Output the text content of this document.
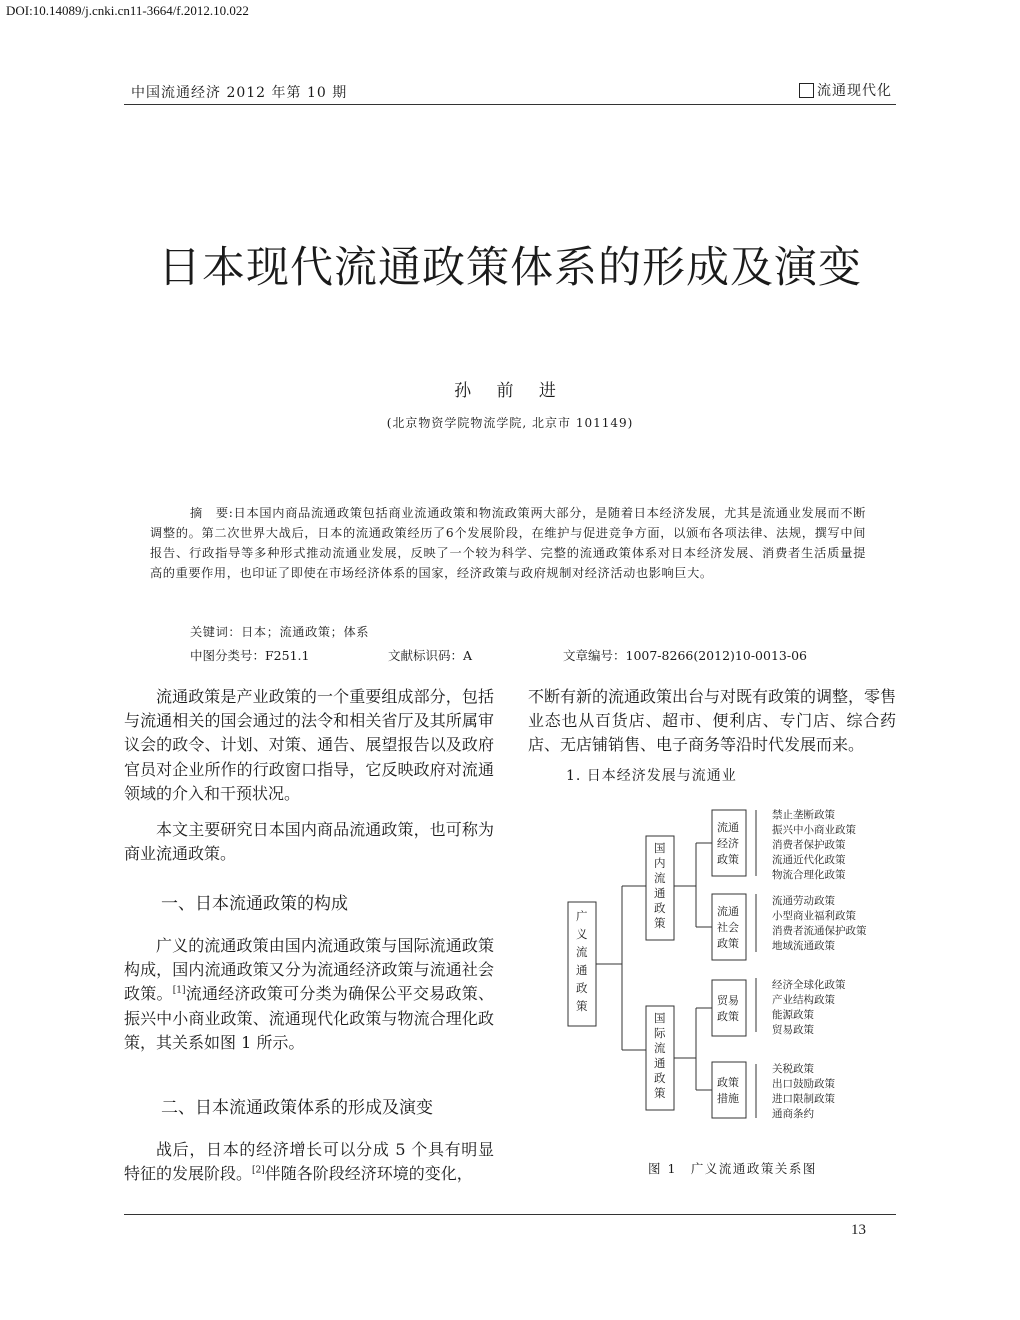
DOI:10.14089/j.cnki.cn11-3664/f.2012.10.022
中国流通经济 2012 年第 10 期	流通现代化
日本现代流通政策体系的形成及演变
孙 前 进
(北京物资学院物流学院, 北京市 101149)
摘　要:日本国内商品流通政策包括商业流通政策和物流政策两大部分，是随着日本经济发展，尤其是流通业发展而不断调整的。第二次世界大战后，日本的流通政策经历了6个发展阶段，在维护与促进竞争方面，以颁布各项法律、法规，撰写中间报告、行政指导等多种形式推动流通业发展，反映了一个较为科学、完整的流通政策体系对日本经济发展、消费者生活质量提高的重要作用，也印证了即使在市场经济体系的国家，经济政策与政府规制对经济活动也影响巨大。
关键词：日本；流通政策；体系
中图分类号：F251.1	文献标识码：A	文章编号：1007-8266(2012)10-0013-06

流通政策是产业政策的一个重要组成部分，包括与流通相关的国会通过的法令和相关省厅及其所属审议会的政令、计划、对策、通告、展望报告以及政府官员对企业所作的行政窗口指导，它反映政府对流通领域的介入和干预状况。

本文主要研究日本国内商品流通政策，也可称为商业流通政策。

一、日本流通政策的构成

广义的流通政策由国内流通政策与国际流通政策构成，国内流通政策又分为流通经济政策与流通社会政策。[1]流通经济政策可分类为确保公平交易政策、振兴中小商业政策、流通现代化政策与物流合理化政策，其关系如图 1 所示。

二、日本流通政策体系的形成及演变

战后，日本的经济增长可以分成 5 个具有明显特征的发展阶段。[2]伴随各阶段经济环境的变化，

不断有新的流通政策出台与对既有政策的调整，零售业态也从百货店、超市、便利店、专门店、综合药店、无店铺销售、电子商务等沿时代发展而来。

1. 日本经济发展与流通业
广
义
流
通
政
策
国
内
流
通
政
策
国
际
流
通
政
策
流通
经济
政策
禁止垄断政策
振兴中小商业政策
消费者保护政策
流通近代化政策
物流合理化政策
流通
社会
政策
流通劳动政策
小型商业福利政策
消费者流通保护政策
地域流通政策
贸易
政策
经济全球化政策
产业结构政策
能源政策
贸易政策
政策
措施
关税政策
出口鼓励政策
进口限制政策
通商条约
图 1　广义流通政策关系图
13
